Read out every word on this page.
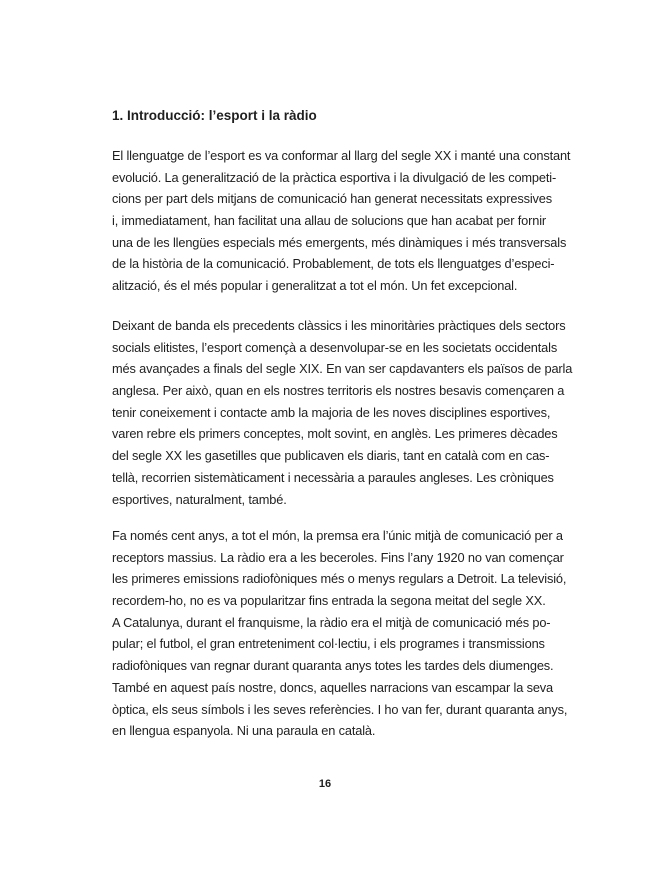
1. Introducció: l’esport i la ràdio
El llenguatge de l’esport es va conformar al llarg del segle XX i manté una constant
evolució. La generalització de la pràctica esportiva i la divulgació de les competi-
cions per part dels mitjans de comunicació han generat necessitats expressives
i, immediatament, han facilitat una allau de solucions que han acabat per fornir
una de les llengües especials més emergents, més dinàmiques i més transversals
de la història de la comunicació. Probablement, de tots els llenguatges d’especi-
alització, és el més popular i generalitzat a tot el món. Un fet excepcional.
Deixant de banda els precedents clàssics i les minoritàries pràctiques dels sectors
socials elitistes, l’esport començà a desenvolupar-se en les societats occidentals
més avançades a finals del segle XIX. En van ser capdavanters els països de parla
anglesa. Per això, quan en els nostres territoris els nostres besavis començaren a
tenir coneixement i contacte amb la majoria de les noves disciplines esportives,
varen rebre els primers conceptes, molt sovint, en anglès. Les primeres dècades
del segle XX les gasetilles que publicaven els diaris, tant en català com en cas-
tellà, recorrien sistemàticament i necessària a paraules angleses. Les cròniques
esportives, naturalment, també.
Fa només cent anys, a tot el món, la premsa era l’únic mitjà de comunicació per a
receptors massius. La ràdio era a les beceroles. Fins l’any 1920 no van començar
les primeres emissions radiofòniques més o menys regulars a Detroit. La televisió,
recordem-ho, no es va popularitzar fins entrada la segona meitat del segle XX.
A Catalunya, durant el franquisme, la ràdio era el mitjà de comunicació més po-
pular; el futbol, el gran entreteniment col·lectiu, i els programes i transmissions
radiofòniques van regnar durant quaranta anys totes les tardes dels diumenges.
També en aquest país nostre, doncs, aquelles narracions van escampar la seva
òptica, els seus símbols i les seves referències. I ho van fer, durant quaranta anys,
en llengua espanyola. Ni una paraula en català.
16
